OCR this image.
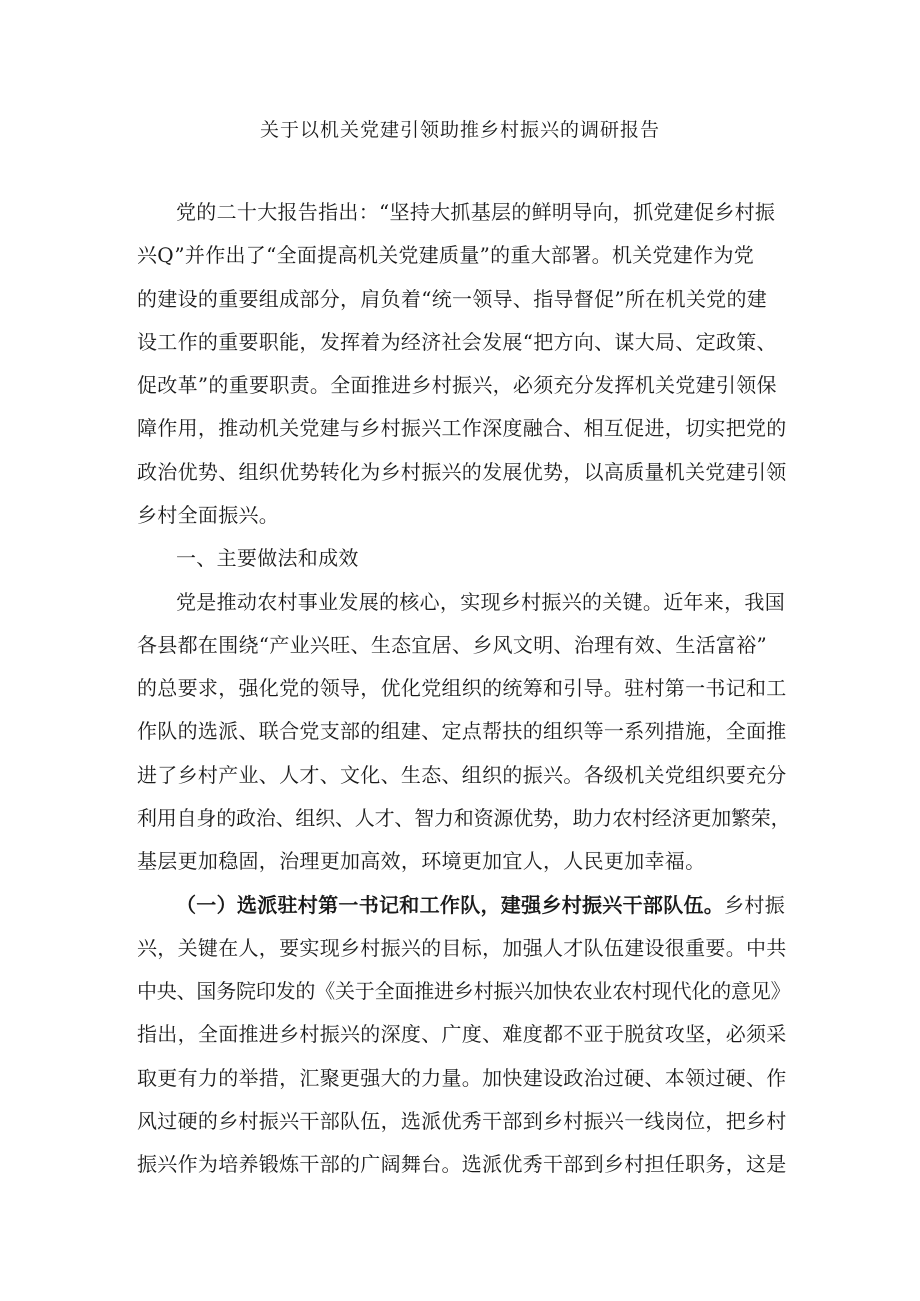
关于以机关党建引领助推乡村振兴的调研报告
党的二十大报告指出：“坚持大抓基层的鲜明导向，抓党建促乡村振
兴Q”并作出了“全面提高机关党建质量”的重大部署。机关党建作为党
的建设的重要组成部分，肩负着“统一领导、指导督促”所在机关党的建
设工作的重要职能，发挥着为经济社会发展“把方向、谋大局、定政策、
促改革”的重要职责。全面推进乡村振兴，必须充分发挥机关党建引领保
障作用，推动机关党建与乡村振兴工作深度融合、相互促进，切实把党的
政治优势、组织优势转化为乡村振兴的发展优势，以高质量机关党建引领
乡村全面振兴。
一、主要做法和成效
党是推动农村事业发展的核心，实现乡村振兴的关键。近年来，我国
各县都在围绕“产业兴旺、生态宜居、乡风文明、治理有效、生活富裕”
的总要求，强化党的领导，优化党组织的统筹和引导。驻村第一书记和工
作队的选派、联合党支部的组建、定点帮扶的组织等一系列措施，全面推
进了乡村产业、人才、文化、生态、组织的振兴。各级机关党组织要充分
利用自身的政治、组织、人才、智力和资源优势，助力农村经济更加繁荣，
基层更加稳固，治理更加高效，环境更加宜人，人民更加幸福。
（一）选派驻村第一书记和工作队，建强乡村振兴干部队伍。乡村振
兴，关键在人，要实现乡村振兴的目标，加强人才队伍建设很重要。中共
中央、国务院印发的《关于全面推进乡村振兴加快农业农村现代化的意见》
指出，全面推进乡村振兴的深度、广度、难度都不亚于脱贫攻坚，必须采
取更有力的举措，汇聚更强大的力量。加快建设政治过硬、本领过硬、作
风过硬的乡村振兴干部队伍，选派优秀干部到乡村振兴一线岗位，把乡村
振兴作为培养锻炼干部的广阔舞台。选派优秀干部到乡村担任职务，这是
